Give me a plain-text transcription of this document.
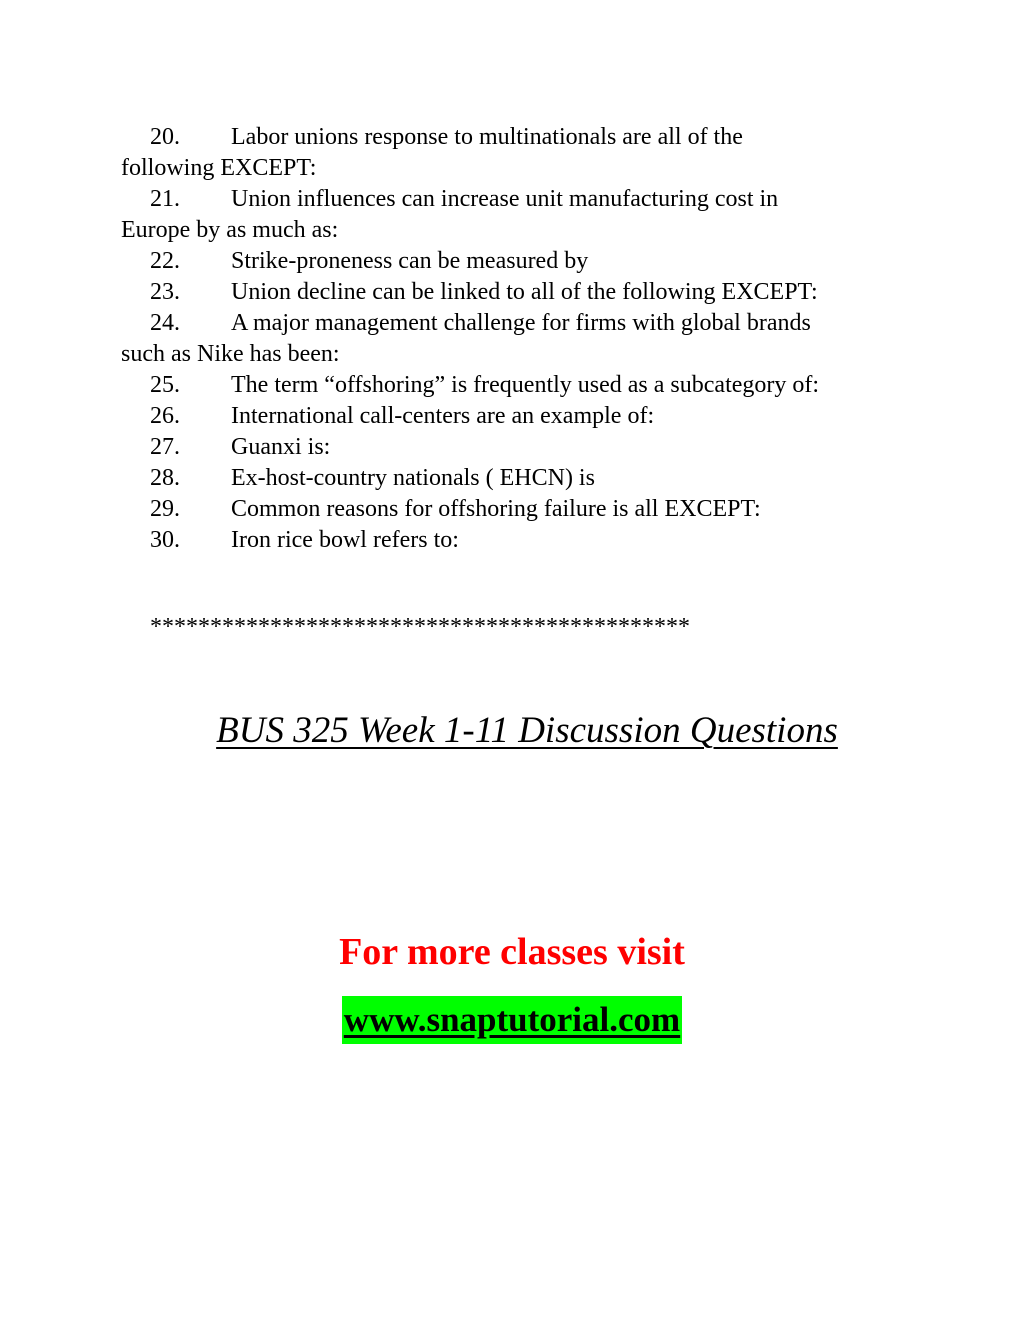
20. Labor unions response to multinationals are all of the
following EXCEPT:
21. Union influences can increase unit manufacturing cost in
Europe by as much as:
22. Strike-proneness can be measured by
23. Union decline can be linked to all of the following EXCEPT:
24. A major management challenge for firms with global brands
such as Nike has been:
25. The term “offshoring” is frequently used as a subcategory of:
26. International call-centers are an example of:
27. Guanxi is:
28. Ex-host-country nationals ( EHCN) is
29. Common reasons for offshoring failure is all EXCEPT:
30. Iron rice bowl refers to:
*********************************************
BUS 325 Week 1-11 Discussion Questions
For more classes visit
www.snaptutorial.com
